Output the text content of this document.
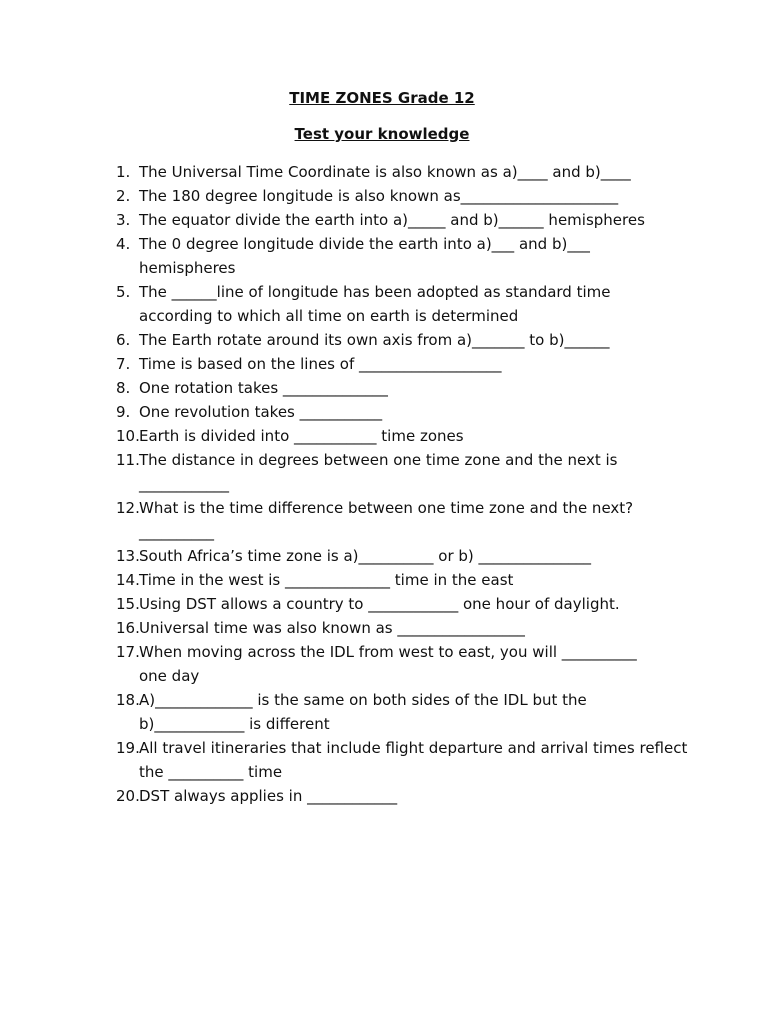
TIME ZONES Grade 12
Test your knowledge
1. The Universal Time Coordinate is also known as a)____ and b)____
2. The 180 degree longitude is also known as_____________________
3. The equator divide the earth into a)_____ and b)______ hemispheres
4. The 0 degree longitude divide the earth into a)___ and b)___
hemispheres
5. The ______line of longitude has been adopted as standard time
according to which all time on earth is determined
6. The Earth rotate around its own axis from a)_______ to b)______
7. Time is based on the lines of ___________________
8. One rotation takes ______________
9. One revolution takes ___________
10. Earth is divided into ___________ time zones
11. The distance in degrees between one time zone and the next is
____________
12. What is the time difference between one time zone and the next?
__________
13. South Africa’s time zone is a)__________ or b) _______________
14. Time in the west is ______________ time in the east
15. Using DST allows a country to ____________ one hour of daylight.
16. Universal time was also known as _________________
17. When moving across the IDL from west to east, you will __________
one day
18. A)_____________ is the same on both sides of the IDL but the
b)____________ is different
19. All travel itineraries that include flight departure and arrival times reflect
the __________ time
20. DST always applies in ____________
